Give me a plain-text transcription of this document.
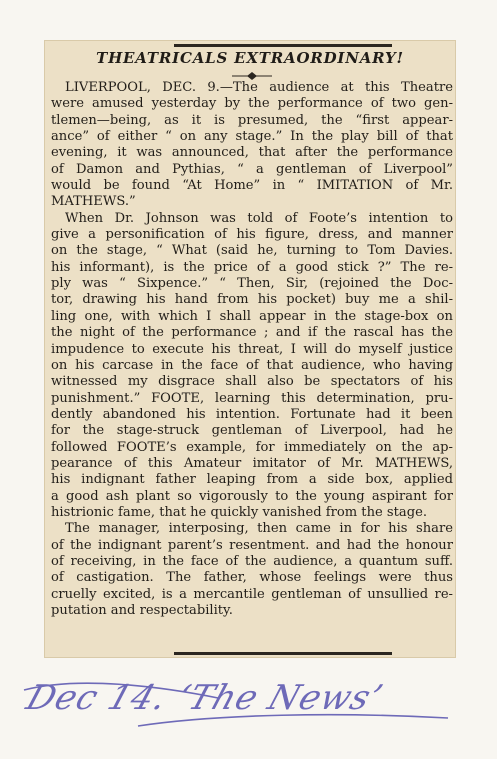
THEATRICALS EXTRAORDINARY!
LIVERPOOL, DEC. 9.—The audience at this Theatre
were amused yesterday by the performance of two gen-
tlemen—being, as it is presumed, the “first appear-
ance” of either “ on any stage.” In the play bill of that
evening, it was announced, that after the performance
of Damon and Pythias, “ a gentleman of Liverpool”
would be found “At Home” in “ IMITATION of Mr.
MATHEWS.”
When Dr. Johnson was told of Foote’s intention to
give a personification of his figure, dress, and manner
on the stage, “ What (said he, turning to Tom Davies.
his informant), is the price of a good stick ?” The re-
ply was “ Sixpence.” “ Then, Sir, (rejoined the Doc-
tor, drawing his hand from his pocket) buy me a shil-
ling one, with which I shall appear in the stage-box on
the night of the performance ; and if the rascal has the
impudence to execute his threat, I will do myself justice
on his carcase in the face of that audience, who having
witnessed my disgrace shall also be spectators of his
punishment.” FOOTE, learning this determination, pru-
dently abandoned his intention. Fortunate had it been
for the stage-struck gentleman of Liverpool, had he
followed FOOTE’s example, for immediately on the ap-
pearance of this Amateur imitator of Mr. MATHEWS,
his indignant father leaping from a side box, applied
a good ash plant so vigorously to the young aspirant for
histrionic fame, that he quickly vanished from the stage.
The manager, interposing, then came in for his share
of the indignant parent’s resentment. and had the honour
of receiving, in the face of the audience, a quantum suff.
of castigation. The father, whose feelings were thus
cruelly excited, is a mercantile gentleman of unsullied re-
putation and respectability.
Dec 14. ‘The News’
